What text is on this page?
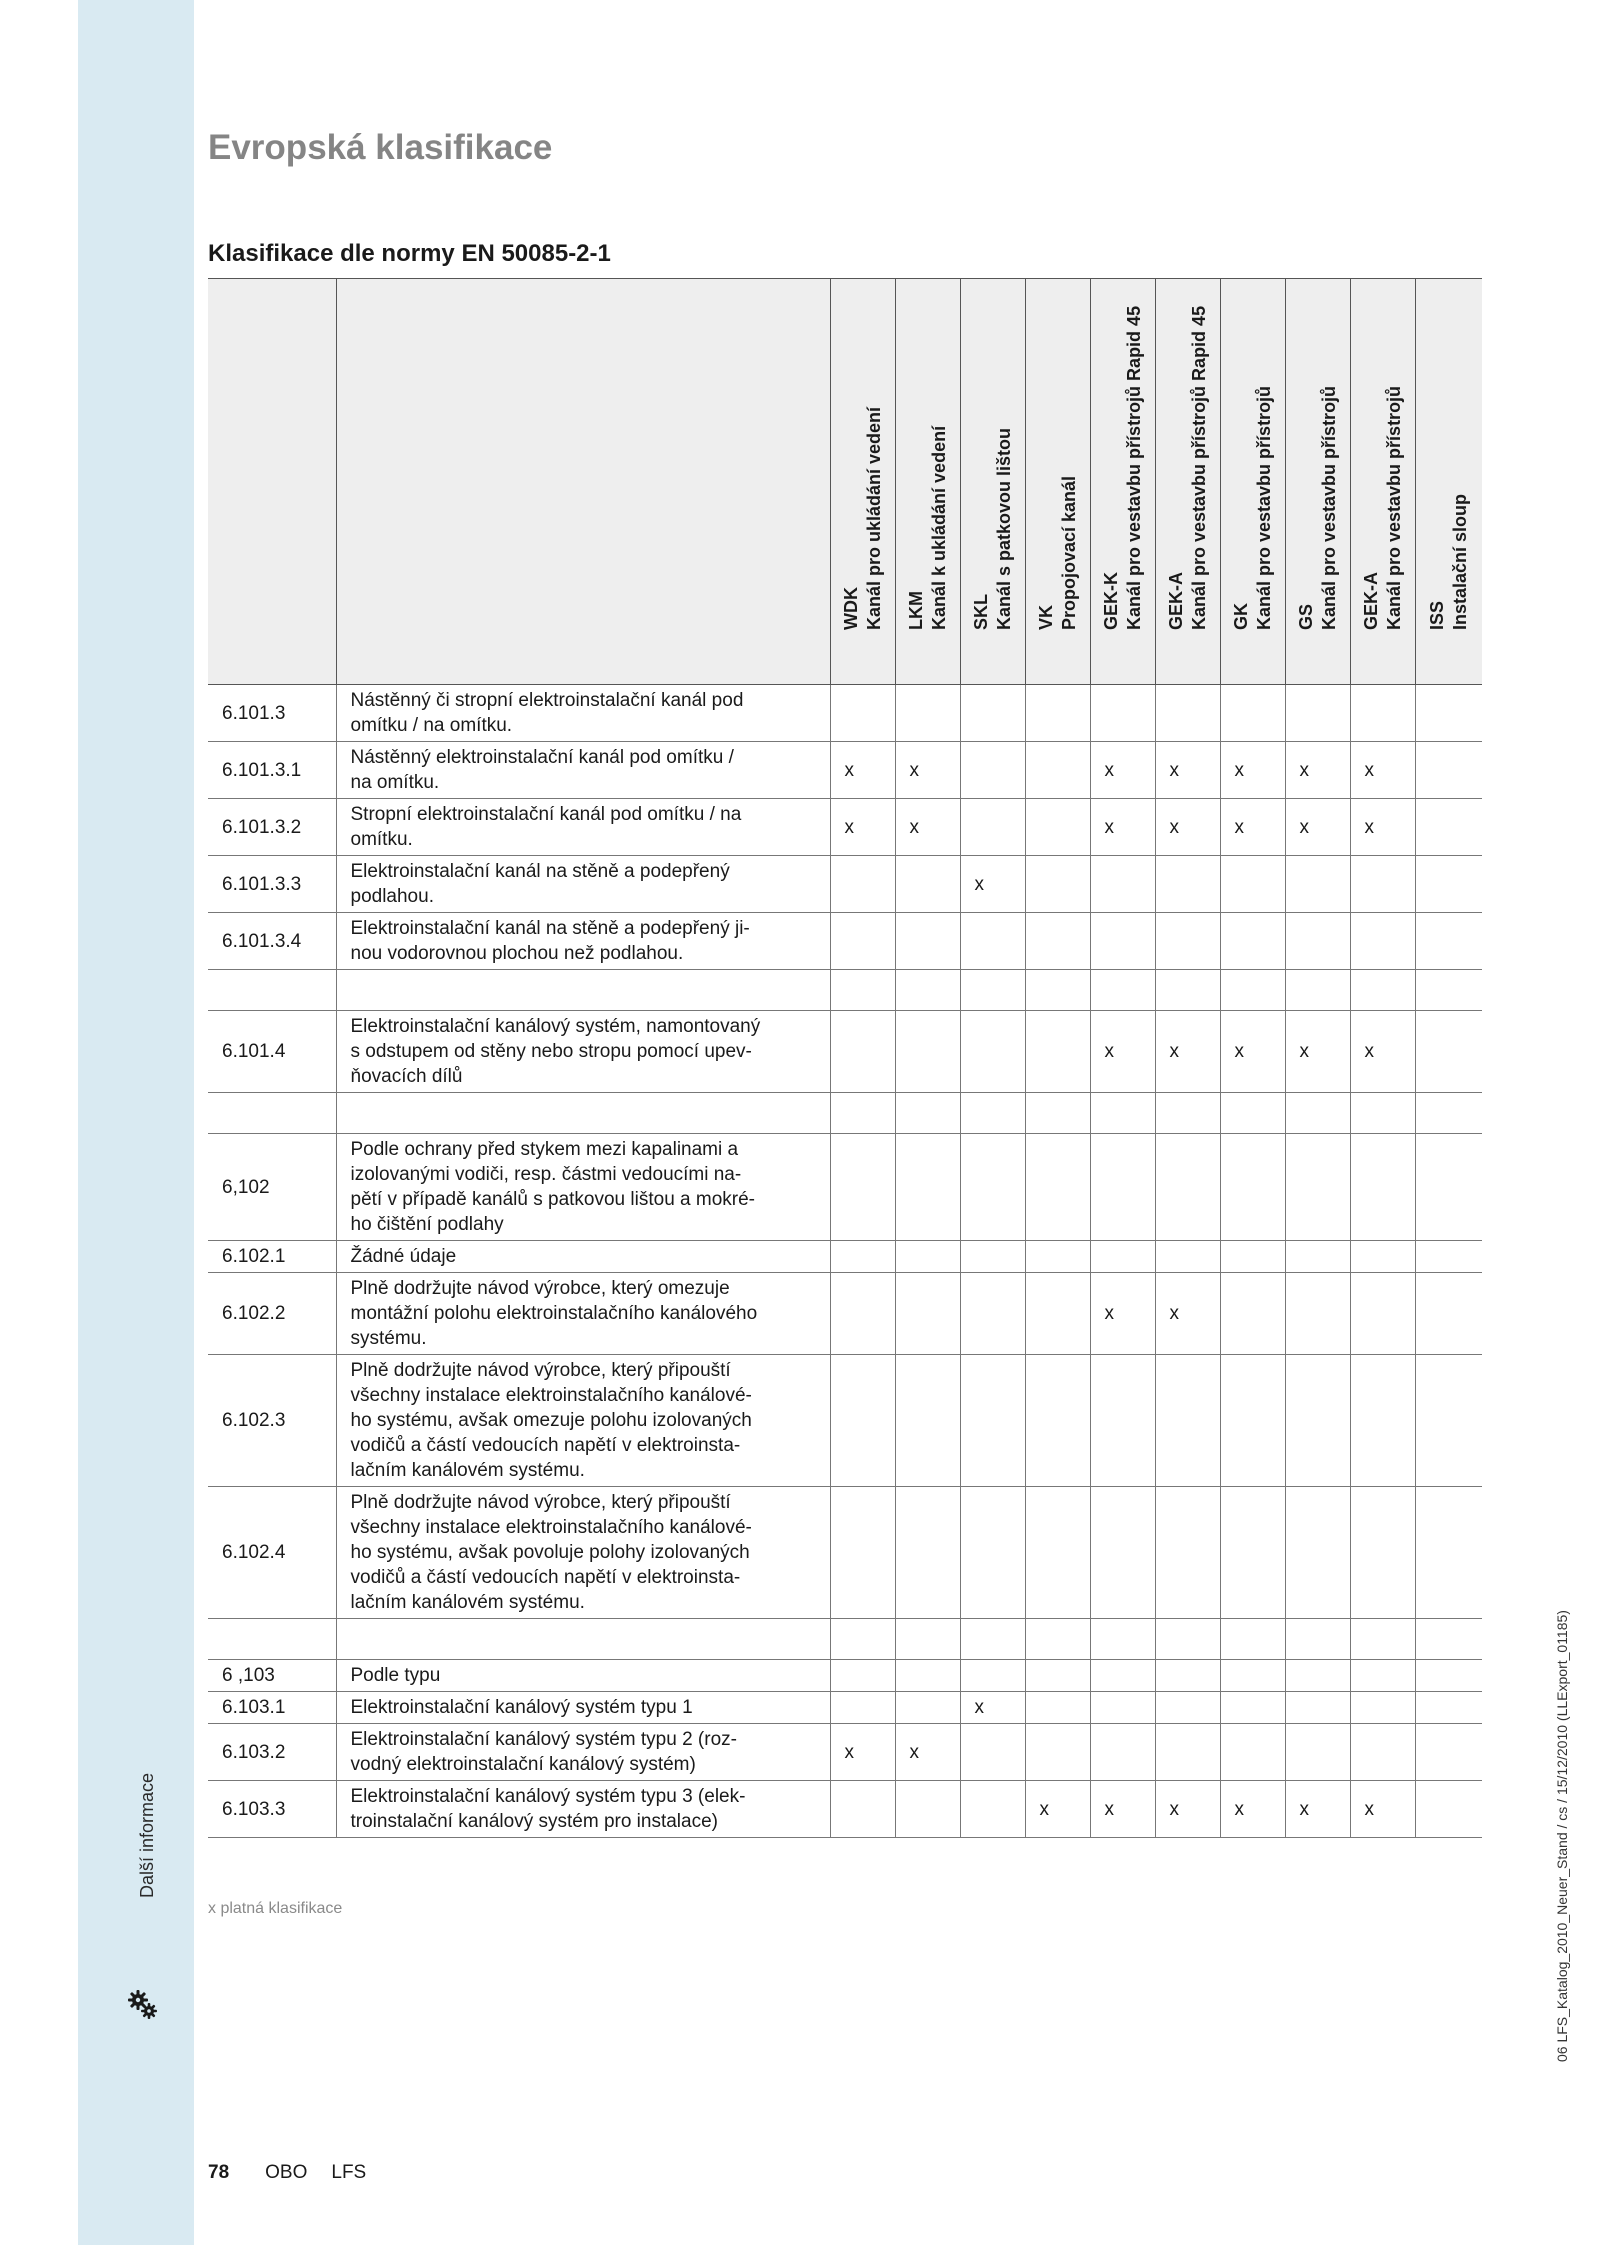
Další informace
Evropská klasifikace
Klasifikace dle normy EN 50085-2-1

		WDK Kanál pro ukládání vedení	LKM Kanál k ukládání vedení	SKL Kanál s patkovou lištou	VK Propojovací kanál	GEK-K Kanál pro vestavbu přístrojů Rapid 45	GEK-A Kanál pro vestavbu přístrojů Rapid 45	GK Kanál pro vestavbu přístrojů	GS Kanál pro vestavbu přístrojů	GEK-A Kanál pro vestavbu přístrojů	ISS Instalační sloup

6.101.3	Nástěnný či stropní elektroinstalační kanál pod
omítku / na omítku.										

6.101.3.1	Nástěnný elektroinstalační kanál pod omítku /
na omítku.	x	x			x	x	x	x	x	
6.101.3.2	Stropní elektroinstalační kanál pod omítku / na
omítku.	x	x			x	x	x	x	x	
6.101.3.3	Elektroinstalační kanál na stěně a podepřený
podlahou.			x							
6.101.3.4	Elektroinstalační kanál na stěně a podepřený ji-
nou vodorovnou plochou než podlahou.										

6.101.4	Elektroinstalační kanálový systém, namontovaný
s odstupem od stěny nebo stropu pomocí upev-
ňovacích dílů					x	x	x	x	x	

6,102	Podle ochrany před stykem mezi kapalinami a
izolovanými vodiči, resp. částmi vedoucími na-
pětí v případě kanálů s patkovou lištou a mokré-
ho čištění podlahy										

6.102.1	Žádné údaje										

6.102.2	Plně dodržujte návod výrobce, který omezuje
montážní polohu elektroinstalačního kanálového
systému.					x	x				
6.102.3	Plně dodržujte návod výrobce, který připouští
všechny instalace elektroinstalačního kanálové-
ho systému, avšak omezuje polohu izolovaných
vodičů a částí vedoucích napětí v elektroinsta-
lačním kanálovém systému.										

6.102.4	Plně dodržujte návod výrobce, který připouští
všechny instalace elektroinstalačního kanálové-
ho systému, avšak povoluje polohy izolovaných
vodičů a částí vedoucích napětí v elektroinsta-
lačním kanálovém systému.										

6 ,103	Podle typu										

6.103.1	Elektroinstalační kanálový systém typu 1			x							
6.103.2	Elektroinstalační kanálový systém typu 2 (roz-
vodný elektroinstalační kanálový systém)	x	x								
6.103.3	Elektroinstalační kanálový systém typu 3 (elek-
troinstalační kanálový systém pro instalace)				x	x	x	x	x	x	
x platná klasifikace
78 OBO LFS
06 LFS_Katalog_2010_Neuer_Stand / cs / 15/12/2010 (LLExport_01185)
